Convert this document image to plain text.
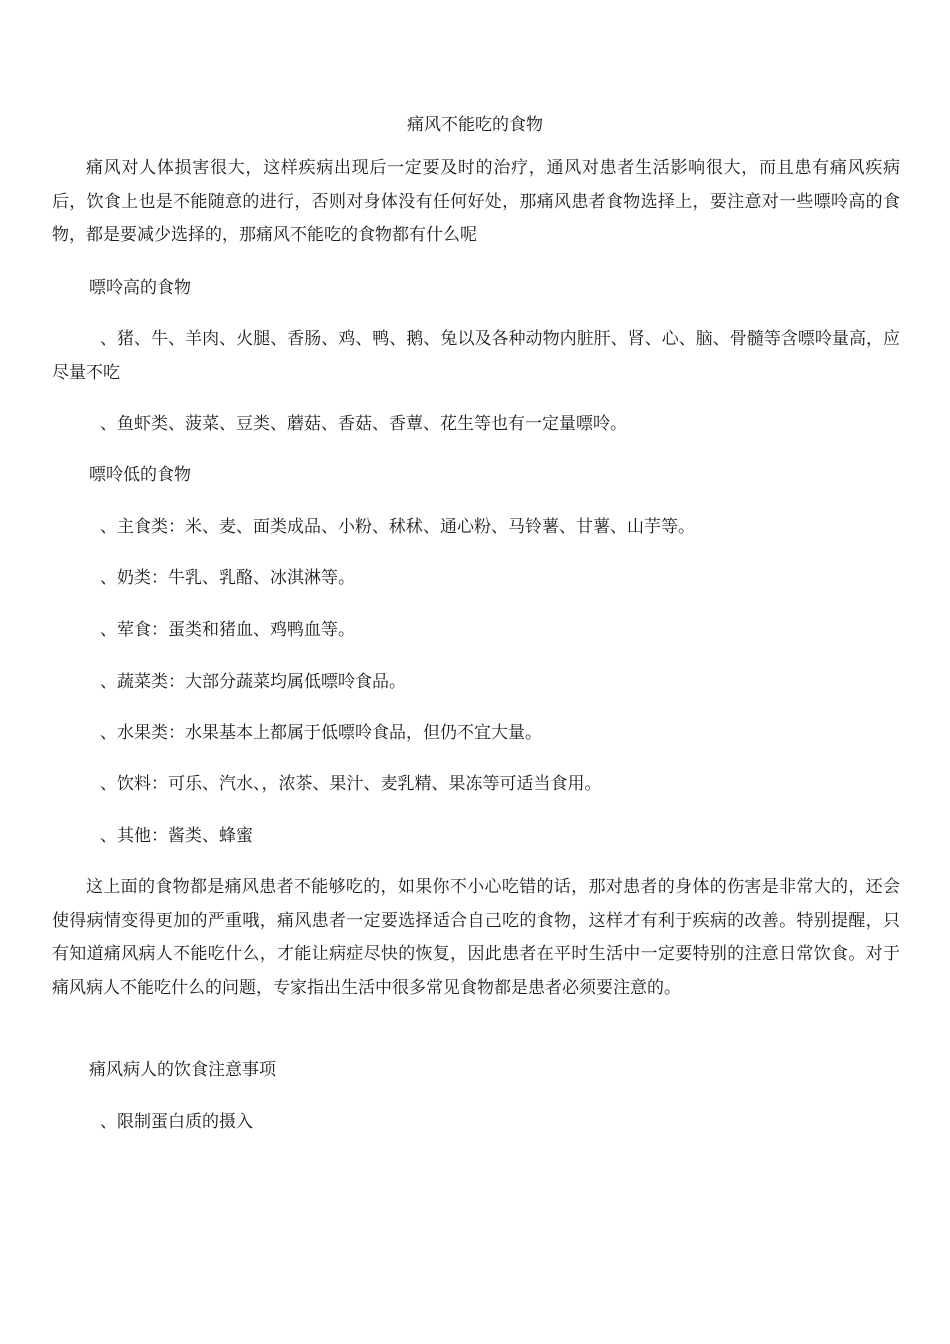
痛风不能吃的食物

痛风对人体损害很大，这样疾病出现后一定要及时的治疗，通风对患者生活影响很大，而且患有痛风疾病后，饮食上也是不能随意的进行，否则对身体没有任何好处，那痛风患者食物选择上，要注意对一些嘌呤高的食物，都是要减少选择的，那痛风不能吃的食物都有什么呢

嘌呤高的食物

、猪、牛、羊肉、火腿、香肠、鸡、鸭、鹅、兔以及各种动物内脏肝、肾、心、脑、骨髓等含嘌呤量高，应尽量不吃

、鱼虾类、菠菜、豆类、蘑菇、香菇、香蕈、花生等也有一定量嘌呤。
嘌呤低的食物
、主食类：米、麦、面类成品、小粉、秫秫、通心粉、马铃薯、甘薯、山芋等。
、奶类：牛乳、乳酪、冰淇淋等。
、荤食：蛋类和猪血、鸡鸭血等。
、蔬菜类：大部分蔬菜均属低嘌呤食品。
、水果类：水果基本上都属于低嘌呤食品，但仍不宜大量。
、饮料：可乐、汽水、，浓茶、果汁、麦乳精、果冻等可适当食用。
、其他：酱类、蜂蜜

这上面的食物都是痛风患者不能够吃的，如果你不小心吃错的话，那对患者的身体的伤害是非常大的，还会使得病情变得更加的严重哦，痛风患者一定要选择适合自己吃的食物，这样才有利于疾病的改善。特别提醒，只有知道痛风病人不能吃什么，才能让病症尽快的恢复，因此患者在平时生活中一定要特别的注意日常饮食。对于痛风病人不能吃什么的问题，专家指出生活中很多常见食物都是患者必须要注意的。

痛风病人的饮食注意事项
、限制蛋白质的摄入
